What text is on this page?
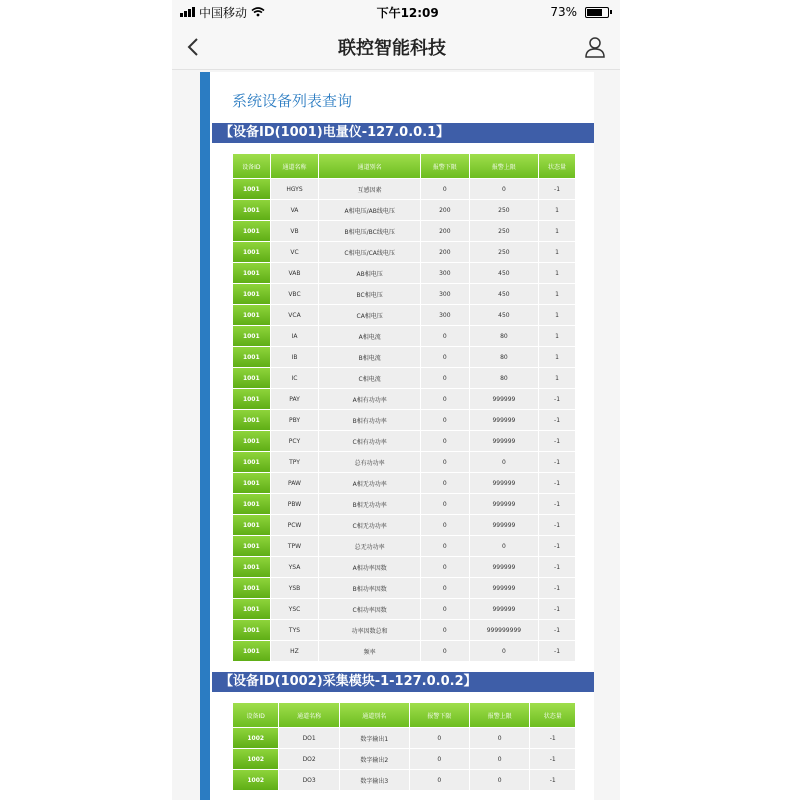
中国移动	下午12:09	73%
联控智能科技
系统设备列表查询
【设备ID(1001)电量仪-127.0.0.1】
设备ID	通道名称	通道别名	报警下限	报警上限	状态量
1001	HGYS	互感因素	0	0	-1
1001	VA	A相电压/AB线电压	200	250	1
1001	VB	B相电压/BC线电压	200	250	1
1001	VC	C相电压/CA线电压	200	250	1
1001	VAB	AB相电压	300	450	1
1001	VBC	BC相电压	300	450	1
1001	VCA	CA相电压	300	450	1
1001	IA	A相电流	0	80	1
1001	IB	B相电流	0	80	1
1001	IC	C相电流	0	80	1
1001	PAY	A相有功功率	0	999999	-1
1001	PBY	B相有功功率	0	999999	-1
1001	PCY	C相有功功率	0	999999	-1
1001	TPY	总有功功率	0	0	-1
1001	PAW	A相无功功率	0	999999	-1
1001	PBW	B相无功功率	0	999999	-1
1001	PCW	C相无功功率	0	999999	-1
1001	TPW	总无功功率	0	0	-1
1001	YSA	A相功率因数	0	999999	-1
1001	YSB	B相功率因数	0	999999	-1
1001	YSC	C相功率因数	0	999999	-1
1001	TYS	功率因数总和	0	999999999	-1
1001	HZ	频率	0	0	-1
【设备ID(1002)采集模块-1-127.0.0.2】
设备ID	通道名称	通道别名	报警下限	报警上限	状态量
1002	DO1	数字输出1	0	0	-1
1002	DO2	数字输出2	0	0	-1
1002	DO3	数字输出3	0	0	-1
